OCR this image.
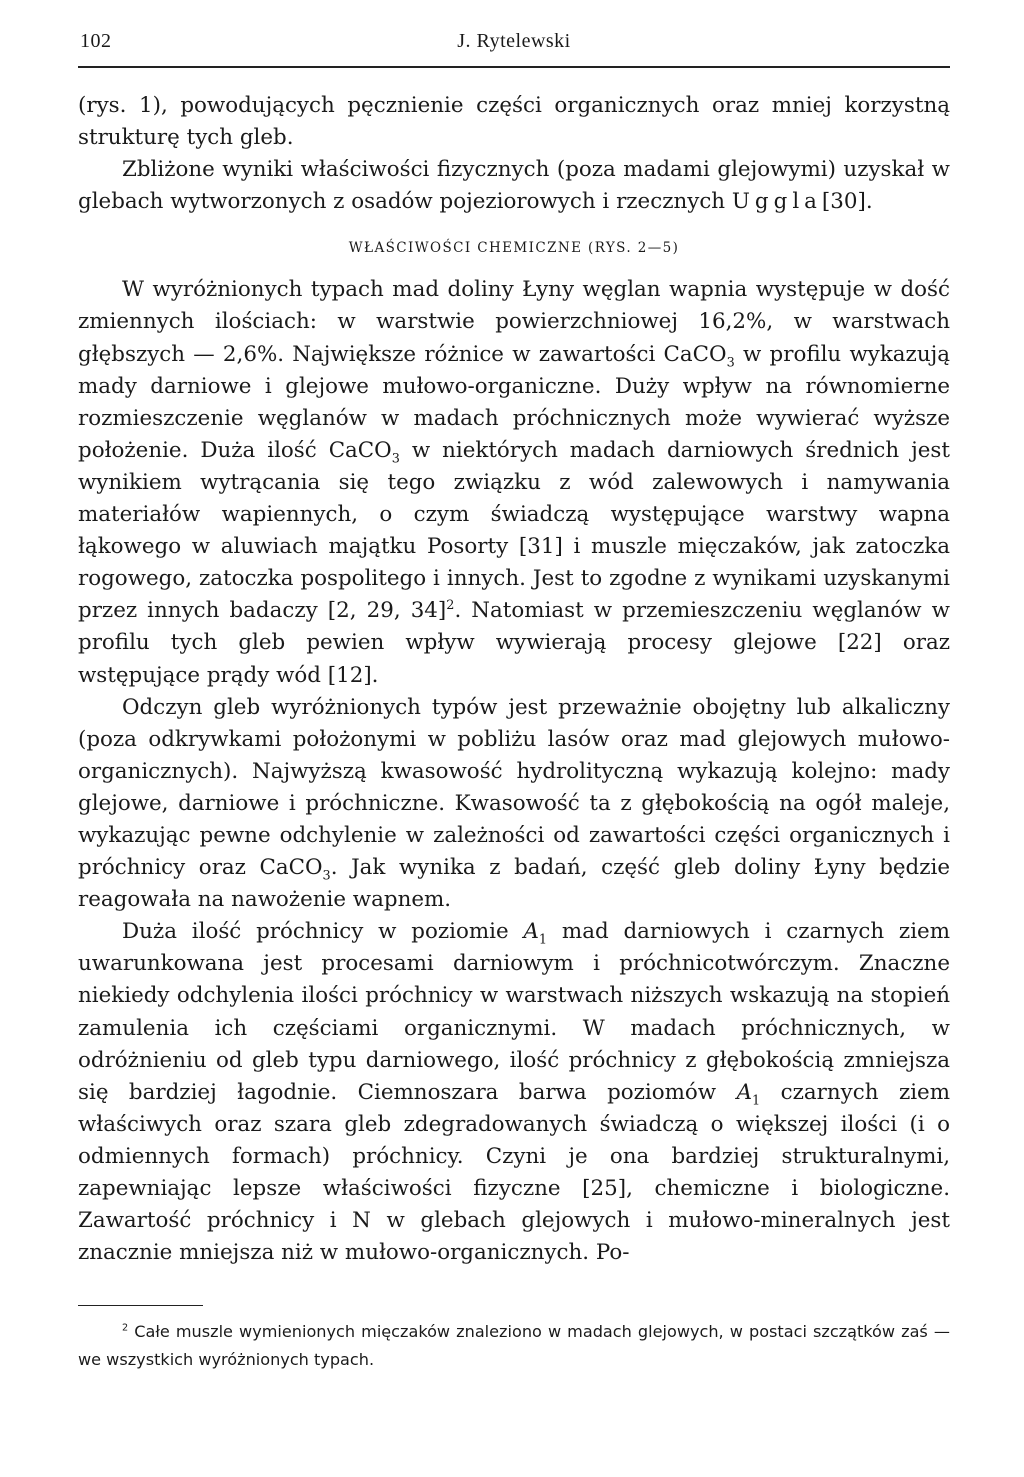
102	J. Rytelewski

(rys. 1), powodujących pęcznienie części organicznych oraz mniej korzystną strukturę tych gleb.

Zbliżone wyniki właściwości fizycznych (poza madami glejowymi) uzyskał w glebach wytworzonych z osadów pojeziorowych i rzecznych Uggla[30].

WŁAŚCIWOŚCI CHEMICZNE (RYS. 2—5)

W wyróżnionych typach mad doliny Łyny węglan wapnia występuje w dość zmiennych ilościach: w warstwie powierzchniowej 16,2%, w warstwach głębszych — 2,6%. Największe różnice w zawartości CaCO$_3$ w profilu wykazują mady darniowe i glejowe mułowo-organiczne. Duży wpływ na równomierne rozmieszczenie węglanów w madach próchnicznych może wywierać wyższe położenie. Duża ilość CaCO$_3$ w niektórych madach darniowych średnich jest wynikiem wytrącania się tego związku z wód zalewowych i namywania materiałów wapiennych, o czym świadczą występujące warstwy wapna łąkowego w aluwiach majątku Posorty [31] i muszle mięczaków, jak zatoczka rogowego, zatoczka pospolitego i innych. Jest to zgodne z wynikami uzyskanymi przez innych badaczy [2, 29, 34]$^2$. Natomiast w przemieszczeniu węglanów w profilu tych gleb pewien wpływ wywierają procesy glejowe [22] oraz wstępujące prądy wód [12].

Odczyn gleb wyróżnionych typów jest przeważnie obojętny lub alkaliczny (poza odkrywkami położonymi w pobliżu lasów oraz mad glejowych mułowo-organicznych). Najwyższą kwasowość hydrolityczną wykazują kolejno: mady glejowe, darniowe i próchniczne. Kwasowość ta z głębokością na ogół maleje, wykazując pewne odchylenie w zależności od zawartości części organicznych i próchnicy oraz CaCO$_3$. Jak wynika z badań, część gleb doliny Łyny będzie reagowała na nawożenie wapnem.

Duża ilość próchnicy w poziomie $A_1$ mad darniowych i czarnych ziem uwarunkowana jest procesami darniowym i próchnicotwórczym. Znaczne niekiedy odchylenia ilości próchnicy w warstwach niższych wskazują na stopień zamulenia ich częściami organicznymi. W madach próchnicznych, w odróżnieniu od gleb typu darniowego, ilość próchnicy z głębokością zmniejsza się bardziej łagodnie. Ciemnoszara barwa poziomów $A_1$ czarnych ziem właściwych oraz szara gleb zdegradowanych świadczą o większej ilości (i o odmiennych formach) próchnicy. Czyni je ona bardziej strukturalnymi, zapewniając lepsze właściwości fizyczne [25], chemiczne i biologiczne. Zawartość próchnicy i N w glebach glejowych i mułowo-mineralnych jest znacznie mniejsza niż w mułowo-organicznych. Po-

$^2$ Całe muszle wymienionych mięczaków znaleziono w madach glejowych, w postaci szczątków zaś — we wszystkich wyróżnionych typach.
